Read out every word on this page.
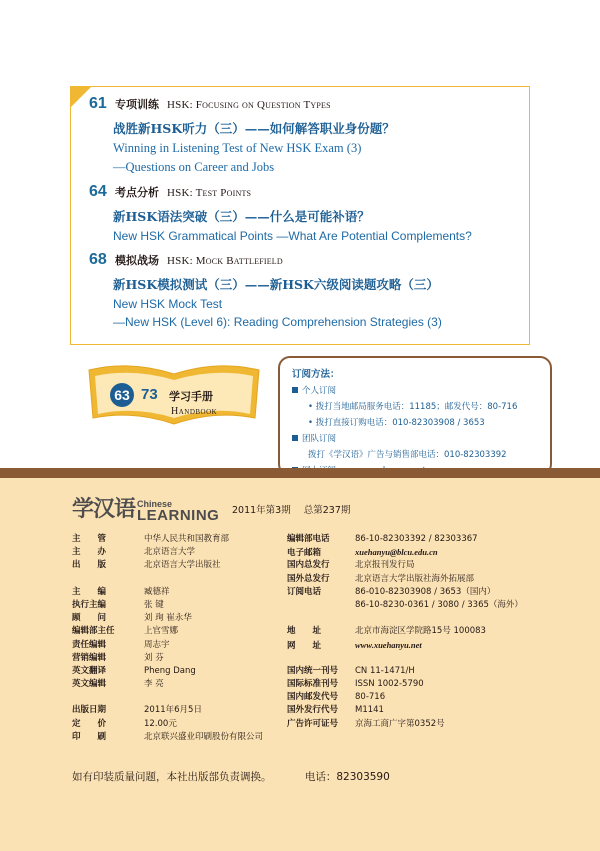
61 专项训练 HSK: Focusing on Question Types
战胜新HSK听力（三）——如何解答职业身份题？
Winning in Listening Test of New HSK Exam (3)
—Questions on Career and Jobs
64 考点分析 HSK: Test Points
新HSK语法突破（三）——什么是可能补语？
New HSK Grammatical Points —What Are Potential Complements?
68 模拟战场 HSK: Mock Battlefield
新HSK模拟测试（三）——新HSK六级阅读题攻略（三）
New HSK Mock Test
—New HSK (Level 6): Reading Comprehension Strategies (3)
63 73 学习手册
Handbook
订阅方法：
个人订阅
• 拨打当地邮局服务电话：11185；邮发代号：80-716
• 拨打直接订购电话：010-82303908 / 3653
团队订阅
拨打《学汉语》广告与销售部电话：010-82303392
学汉语 Chinese
LEARNING 2011年第3期 总第237期
主　　管	中华人民共和国教育部
主　　办	北京语言大学
出　　版	北京语言大学出版社
主　　编	臧德祥
执行主编	张 键
顾　　问	刘 珣 崔永华
编辑部主任	上官雪娜
责任编辑	周志宇
营销编辑	刘 芬
英文翻译	Pheng Dang
英文编辑	李 亮
出版日期	2011年6月5日
定　　价	12.00元
印　　刷	北京联兴盛业印刷股份有限公司
编辑部电话	86-10-82303392 / 82303367
电子邮箱	xuehanyu@blcu.edu.cn
国内总发行	北京报刊发行局
国外总发行	北京语言大学出版社海外拓展部
订阅电话	86-010-82303908 / 3653（国内）
86-10-8230-0361 / 3080 / 3365（海外）
地　　址	北京市海淀区学院路15号 100083
网　　址	www.xuehanyu.net
国内统一刊号 CN 11-1471/H
国际标准刊号 ISSN 1002-5790
国内邮发代号 80-716
国外发行代号 M1141
广告许可证号 京海工商广字第0352号
如有印装质量问题，本社出版部负责调换。	电话：82303590
